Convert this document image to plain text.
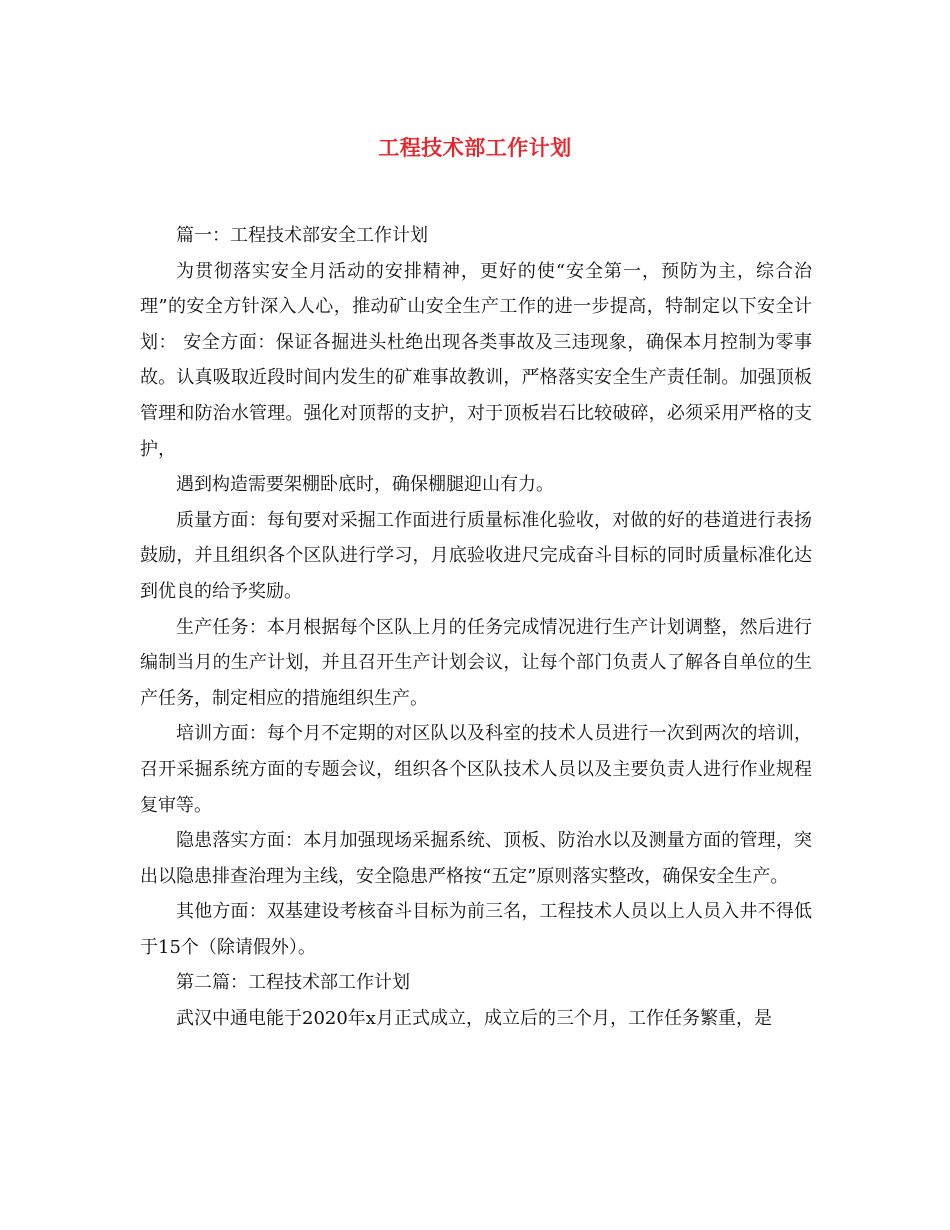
工程技术部工作计划

篇一：工程技术部安全工作计划

为贯彻落实安全月活动的安排精神，更好的使“安全第一，预防为主，综合治理”的安全方针深入人心，推动矿山安全生产工作的进一步提高，特制定以下安全计划： 安全方面：保证各掘进头杜绝出现各类事故及三违现象，确保本月控制为零事故。认真吸取近段时间内发生的矿难事故教训，严格落实安全生产责任制。加强顶板管理和防治水管理。强化对顶帮的支护，对于顶板岩石比较破碎，必须采用严格的支护，

遇到构造需要架棚卧底时，确保棚腿迎山有力。

质量方面：每旬要对采掘工作面进行质量标准化验收，对做的好的巷道进行表扬鼓励，并且组织各个区队进行学习，月底验收进尺完成奋斗目标的同时质量标准化达到优良的给予奖励。

生产任务：本月根据每个区队上月的任务完成情况进行生产计划调整，然后进行编制当月的生产计划，并且召开生产计划会议，让每个部门负责人了解各自单位的生产任务，制定相应的措施组织生产。

培训方面：每个月不定期的对区队以及科室的技术人员进行一次到两次的培训，召开采掘系统方面的专题会议，组织各个区队技术人员以及主要负责人进行作业规程复审等。

隐患落实方面：本月加强现场采掘系统、顶板、防治水以及测量方面的管理，突出以隐患排查治理为主线，安全隐患严格按“五定”原则落实整改，确保安全生产。

其他方面：双基建设考核奋斗目标为前三名，工程技术人员以上人员入井不得低于15个（除请假外）。

第二篇：工程技术部工作计划

武汉中通电能于2020年x月正式成立，成立后的三个月，工作任务繁重，是
